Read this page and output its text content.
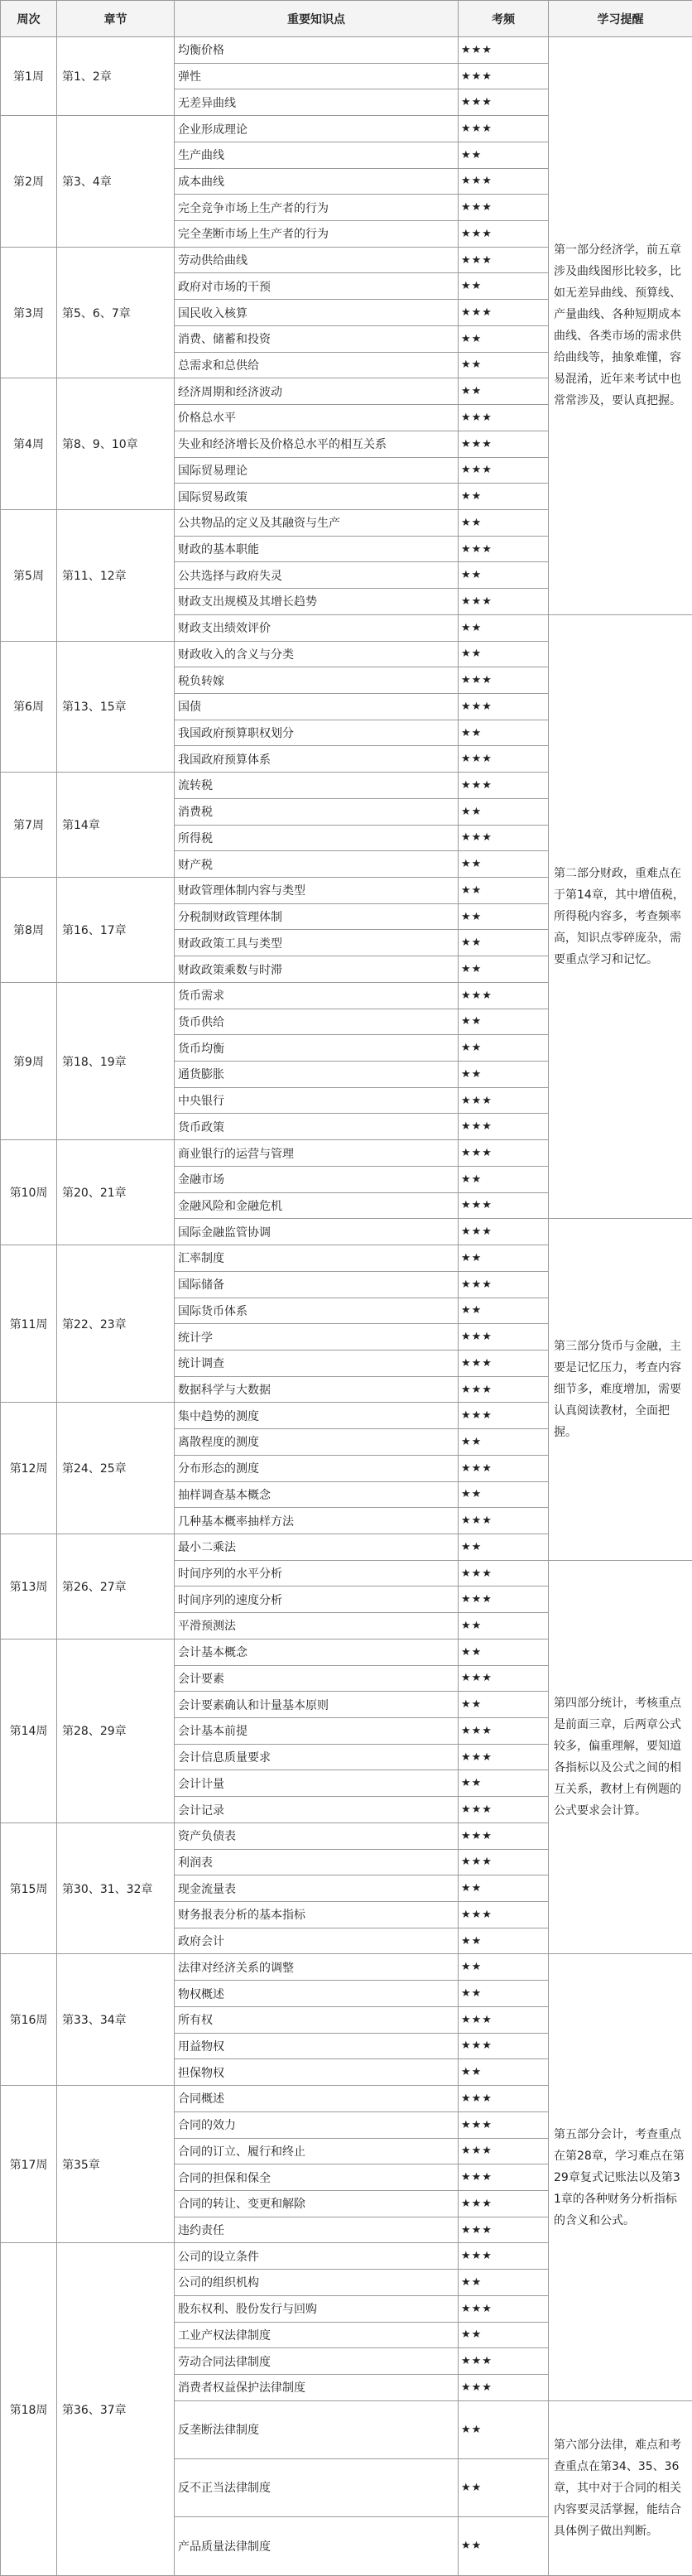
周次	章节	重要知识点	考频	学习提醒
第1周	第1、2章	均衡价格	★★★	第一部分经济学，前五章涉及曲线图形比较多，比如无差异曲线、预算线、产量曲线、各种短期成本曲线、各类市场的需求供给曲线等，抽象难懂，容易混淆，近年来考试中也常常涉及，要认真把握。
		弹性	★★★	
		无差异曲线	★★★	
第2周	第3、4章	企业形成理论	★★★	
		生产曲线	★★	
		成本曲线	★★★	
		完全竞争市场上生产者的行为	★★★	
		完全垄断市场上生产者的行为	★★★	
第3周	第5、6、7章	劳动供给曲线	★★★	
		政府对市场的干预	★★	
		国民收入核算	★★★	
		消费、储蓄和投资	★★	
		总需求和总供给	★★	
第4周	第8、9、10章	经济周期和经济波动	★★	
		价格总水平	★★★	
		失业和经济增长及价格总水平的相互关系	★★★	
		国际贸易理论	★★★	
		国际贸易政策	★★	
第5周	第11、12章	公共物品的定义及其融资与生产	★★	
		财政的基本职能	★★★	
		公共选择与政府失灵	★★	
		财政支出规模及其增长趋势	★★★	
		财政支出绩效评价	★★	第二部分财政，重难点在于第14章，其中增值税，所得税内容多，考查频率高，知识点零碎庞杂，需要重点学习和记忆。
第6周	第13、15章	财政收入的含义与分类	★★	
		税负转嫁	★★★	
		国债	★★★	
		我国政府预算职权划分	★★	
		我国政府预算体系	★★★	
第7周	第14章	流转税	★★★	
		消费税	★★	
		所得税	★★★	
		财产税	★★	
第8周	第16、17章	财政管理体制内容与类型	★★	
		分税制财政管理体制	★★	
		财政政策工具与类型	★★	
		财政政策乘数与时滞	★★	
第9周	第18、19章	货币需求	★★★	
		货币供给	★★	
		货币均衡	★★	
		通货膨胀	★★	
		中央银行	★★★	
		货币政策	★★★	
第10周	第20、21章	商业银行的运营与管理	★★★	
		金融市场	★★	
		金融风险和金融危机	★★★	
		国际金融监管协调	★★★	第三部分货币与金融，主要是记忆压力，考查内容细节多，难度增加，需要认真阅读教材，全面把握。
第11周	第22、23章	汇率制度	★★	
		国际储备	★★★	
		国际货币体系	★★	
		统计学	★★★	
		统计调查	★★★	
		数据科学与大数据	★★★	
第12周	第24、25章	集中趋势的测度	★★★	
		离散程度的测度	★★	
		分布形态的测度	★★★	
		抽样调查基本概念	★★	
		几种基本概率抽样方法	★★★	
第13周	第26、27章	最小二乘法	★★	
		时间序列的水平分析	★★★	第四部分统计，考核重点是前面三章，后两章公式较多，偏重理解，要知道各指标以及公式之间的相互关系，教材上有例题的公式要求会计算。
		时间序列的速度分析	★★★	
		平滑预测法	★★	
第14周	第28、29章	会计基本概念	★★	
		会计要素	★★★	
		会计要素确认和计量基本原则	★★	
		会计基本前提	★★★	
		会计信息质量要求	★★★	
		会计计量	★★	
		会计记录	★★★	
第15周	第30、31、32章	资产负债表	★★★	
		利润表	★★★	
		现金流量表	★★	
		财务报表分析的基本指标	★★★	
		政府会计	★★	
第16周	第33、34章	法律对经济关系的调整	★★	第五部分会计，考查重点在第28章，学习难点在第29章复式记账法以及第31章的各种财务分析指标的含义和公式。
		物权概述	★★	
		所有权	★★★	
		用益物权	★★★	
		担保物权	★★	
第17周	第35章	合同概述	★★★	
		合同的效力	★★★	
		合同的订立、履行和终止	★★★	
		合同的担保和保全	★★★	
		合同的转让、变更和解除	★★★	
		违约责任	★★★	
第18周	第36、37章	公司的设立条件	★★★	
		公司的组织机构	★★	
		股东权利、股份发行与回购	★★★	
		工业产权法律制度	★★	
		劳动合同法律制度	★★★	
		消费者权益保护法律制度	★★★	
		反垄断法律制度	★★	第六部分法律，难点和考查重点在第34、35、36章，其中对于合同的相关内容要灵活掌握，能结合具体例子做出判断。
		反不正当法律制度	★★	
		产品质量法律制度	★★	
